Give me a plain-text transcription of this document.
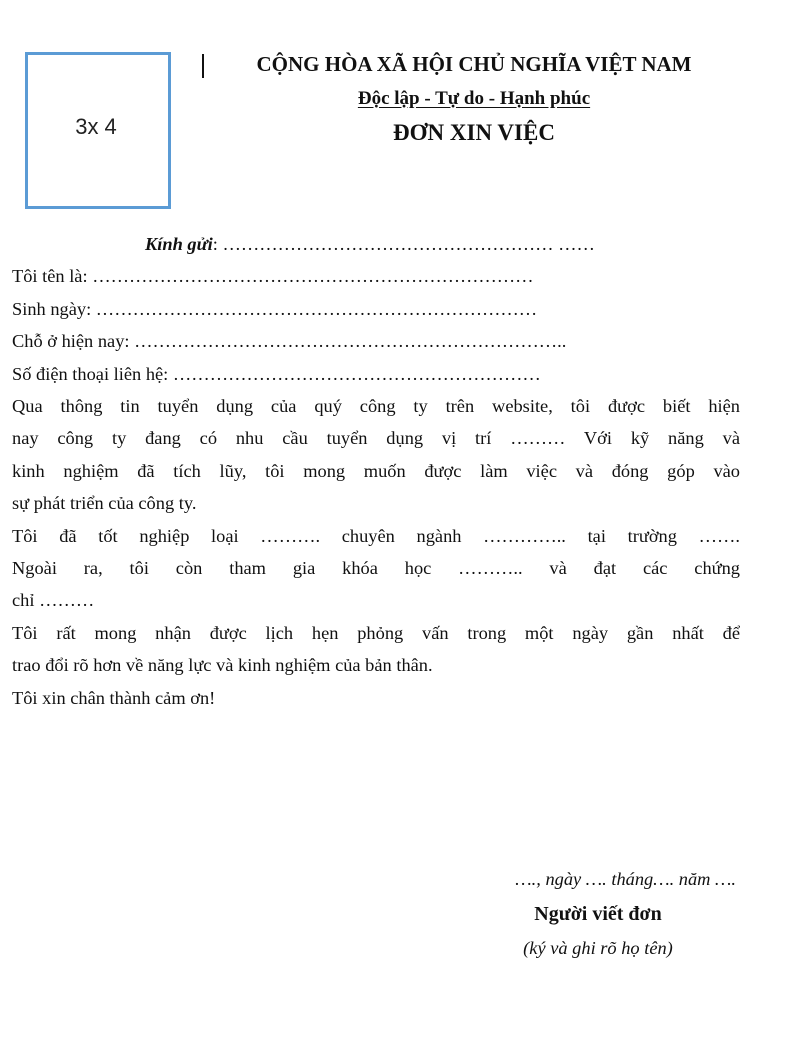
3x 4
CỘNG HÒA XÃ HỘI CHỦ NGHĨA VIỆT NAM
Độc lập - Tự do - Hạnh phúc
ĐƠN XIN VIỆC
Kính gửi: ……………………………………………… ……
Tôi tên là: ………………………………………………………………
Sinh ngày: ………………………………………………………………
Chỗ ở hiện nay: ……………………………………………………………..
Số điện thoại liên hệ: ……………………………………………………
Qua thông tin tuyển dụng của quý công ty trên website, tôi được biết hiện
nay công ty đang có nhu cầu tuyển dụng vị trí ……… Với kỹ năng và
kinh nghiệm đã tích lũy, tôi mong muốn được làm việc và đóng góp vào
sự phát triển của công ty.
Tôi đã tốt nghiệp loại ………. chuyên ngành ………….. tại trường …….
Ngoài ra, tôi còn tham gia khóa học ……….. và đạt các chứng
chỉ ………
Tôi rất mong nhận được lịch hẹn phỏng vấn trong một ngày gần nhất để
trao đổi rõ hơn về năng lực và kinh nghiệm của bản thân.
Tôi xin chân thành cảm ơn!
…., ngày …. tháng…. năm ….
Người viết đơn
(ký và ghi rõ họ tên)
